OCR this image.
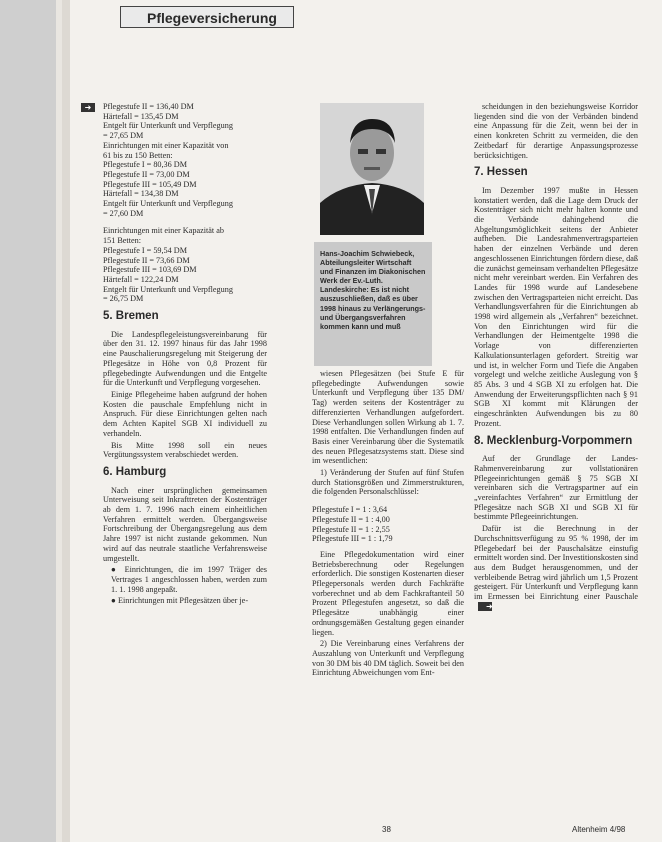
Pflegeversicherung
➜ Pflegestufe II = 136,40 DM
Härtefall = 135,45 DM
Entgelt für Unterkunft und Verpflegung
= 27,65 DM
Einrichtungen mit einer Kapazität von
61 bis zu 150 Betten:
Pflegestufe I = 80,36 DM
Pflegestufe II = 73,00 DM
Pflegestufe III = 105,49 DM
Härtefall = 134,38 DM
Entgelt für Unterkunft und Verpflegung
= 27,60 DM
Einrichtungen mit einer Kapazität ab
151 Betten:
Pflegestufe I = 59,54 DM
Pflegestufe II = 73,66 DM
Pflegestufe III = 103,69 DM
Härtefall = 122,24 DM
Entgelt für Unterkunft und Verpflegung
= 26,75 DM
5. Bremen

Die Landespflegeleistungsvereinbarung für über den 31. 12. 1997 hinaus für das Jahr 1998 eine Pauschalierungsregelung mit Steigerung der Pflegesätze in Höhe von 0,8 Prozent für pflegebedingte Aufwendungen und die Entgelte für die Unterkunft und Verpflegung vorgesehen.

Einige Pflegeheime haben aufgrund der hohen Kosten die pauschale Empfehlung nicht in Anspruch. Für diese Einrichtungen gelten nach dem Achten Kapitel SGB XI individuell zu verhandeln.

Bis Mitte 1998 soll ein neues Vergütungssystem verabschiedet werden.

6. Hamburg

Nach einer ursprünglichen gemeinsamen Unterweisung seit Inkrafttreten der Kostenträger ab dem 1. 7. 1996 nach einem einheitlichen Verfahren ermittelt werden. Übergangsweise Fortschreibung der Übergangsregelung aus dem Jahre 1997 ist nicht zustande gekommen. Nun wird auf das neutrale staatliche Verfahrensweise umgestellt.

● Einrichtungen, die im 1997 Träger des Vertrages 1 angeschlossen haben, werden zum 1. 1. 1998 angepaßt.

● Einrichtungen mit Pflegesätzen über je-

Hans-Joachim Schwiebeck, Abteilungsleiter Wirtschaft und Finanzen im Diakonischen Werk der Ev.-Luth. Landeskirche: Es ist nicht auszuschließen, daß es über 1998 hinaus zu Verlängerungs- und Übergangsverfahren kommen kann und muß

wiesen Pflegesätzen (bei Stufe E für pflegebedingte Aufwendungen sowie Unterkunft und Verpflegung über 135 DM/ Tag) werden seitens der Kostenträger zu differenzierten Verhandlungen aufgefordert. Diese Verhandlungen sollen Wirkung ab 1. 7. 1998 entfalten. Die Verhandlungen finden auf Basis einer Vereinbarung über die Systematik des neuen Pflegesatzsystems statt. Diese sind im wesentlichen:

1) Veränderung der Stufen auf fünf Stufen durch Stationsgrößen und Zimmerstrukturen, die folgenden Personalschlüssel:

Pflegestufe I = 1 : 3,64
Pflegestufe II = 1 : 4,00
Pflegestufe II = 1 : 2,55
Pflegestufe III = 1 : 1,79

Eine Pflegedokumentation wird einer Betriebsberechnung oder Regelungen erforderlich. Die sonstigen Kostenarten dieser Pflegepersonals werden durch Fachkräfte vorberechnet und ab dem Fachkraftanteil 50 Prozent Pflegestufen angesetzt, so daß die Pflegesätze unabhängig einer ordnungsgemäßen Gestaltung gegen einander liegen.

2) Die Vereinbarung eines Verfahrens der Auszahlung von Unterkunft und Verpflegung von 30 DM bis 40 DM täglich. Soweit bei den Einrichtung Abweichungen vom Ent-

scheidungen in den beziehungsweise Korridor liegenden sind die von der Verbänden bindend eine Anpassung für die Zeit, wenn bei der in einen konkreten Schritt zu vermeiden, die den Zeitbedarf für derartige Anpassungsprozesse berücksichtigen.

7. Hessen

Im Dezember 1997 mußte in Hessen konstatiert werden, daß die Lage dem Druck der Kostenträger sich nicht mehr halten konnte und die Verbände dahingehend die Abgeltungsmöglichkeit seitens der Anbieter aufheben. Die Landesrahmenvertragsparteien haben der einzelnen Verbände und deren angeschlossenen Einrichtungen fördern diese, daß die zunächst gemeinsam verhandelten Pflegesätze nicht mehr vereinbart werden. Ein Verfahren des Landes für 1998 wurde auf Landesebene zwischen den Vertragsparteien nicht erreicht. Das Verhandlungsverfahren für die Einrichtungen ab 1998 wird allgemein als „Verfahren“ bezeichnet. Von den Einrichtungen wird für die Verhandlungen der Heimentgelte 1998 die Vorlage von differenzierten Kalkulationsunterlagen gefordert. Streitig war und ist, in welcher Form und Tiefe die Angaben vorgelegt und welche zeitliche Auslegung von § 85 Abs. 3 und 4 SGB XI zu erfolgen hat. Die Anwendung der Erweiterungspflichten nach § 91 SGB XI kommt mit Klärungen der eingeschränkten Aufwendungen bis zu 80 Prozent.

8. Mecklenburg-Vorpommern

Auf der Grundlage der Landes-Rahmenvereinbarung zur vollstationären Pflegeeinrichtungen gemäß § 75 SGB XI vereinbaren sich die Vertragspartner auf ein „vereinfachtes Verfahren“ zur Ermittlung der Pflegesätze nach SGB XI und SGB XI für bestimmte Pflegeeinrichtungen.

Dafür ist die Berechnung in der Durchschnittsverfügung zu 95 % 1998, der im Pflegebedarf bei der Pauschalsätze einstufig ermittelt worden sind. Der Investitionskosten sind aus dem Budget herausgenommen, und der verbleibende Betrag wird jährlich um 1,5 Prozent gesteigert. Für Unterkunft und Verpflegung kann im Ermessen bei Einrichtung einer Pauschale➜

38	Altenheim 4/98
